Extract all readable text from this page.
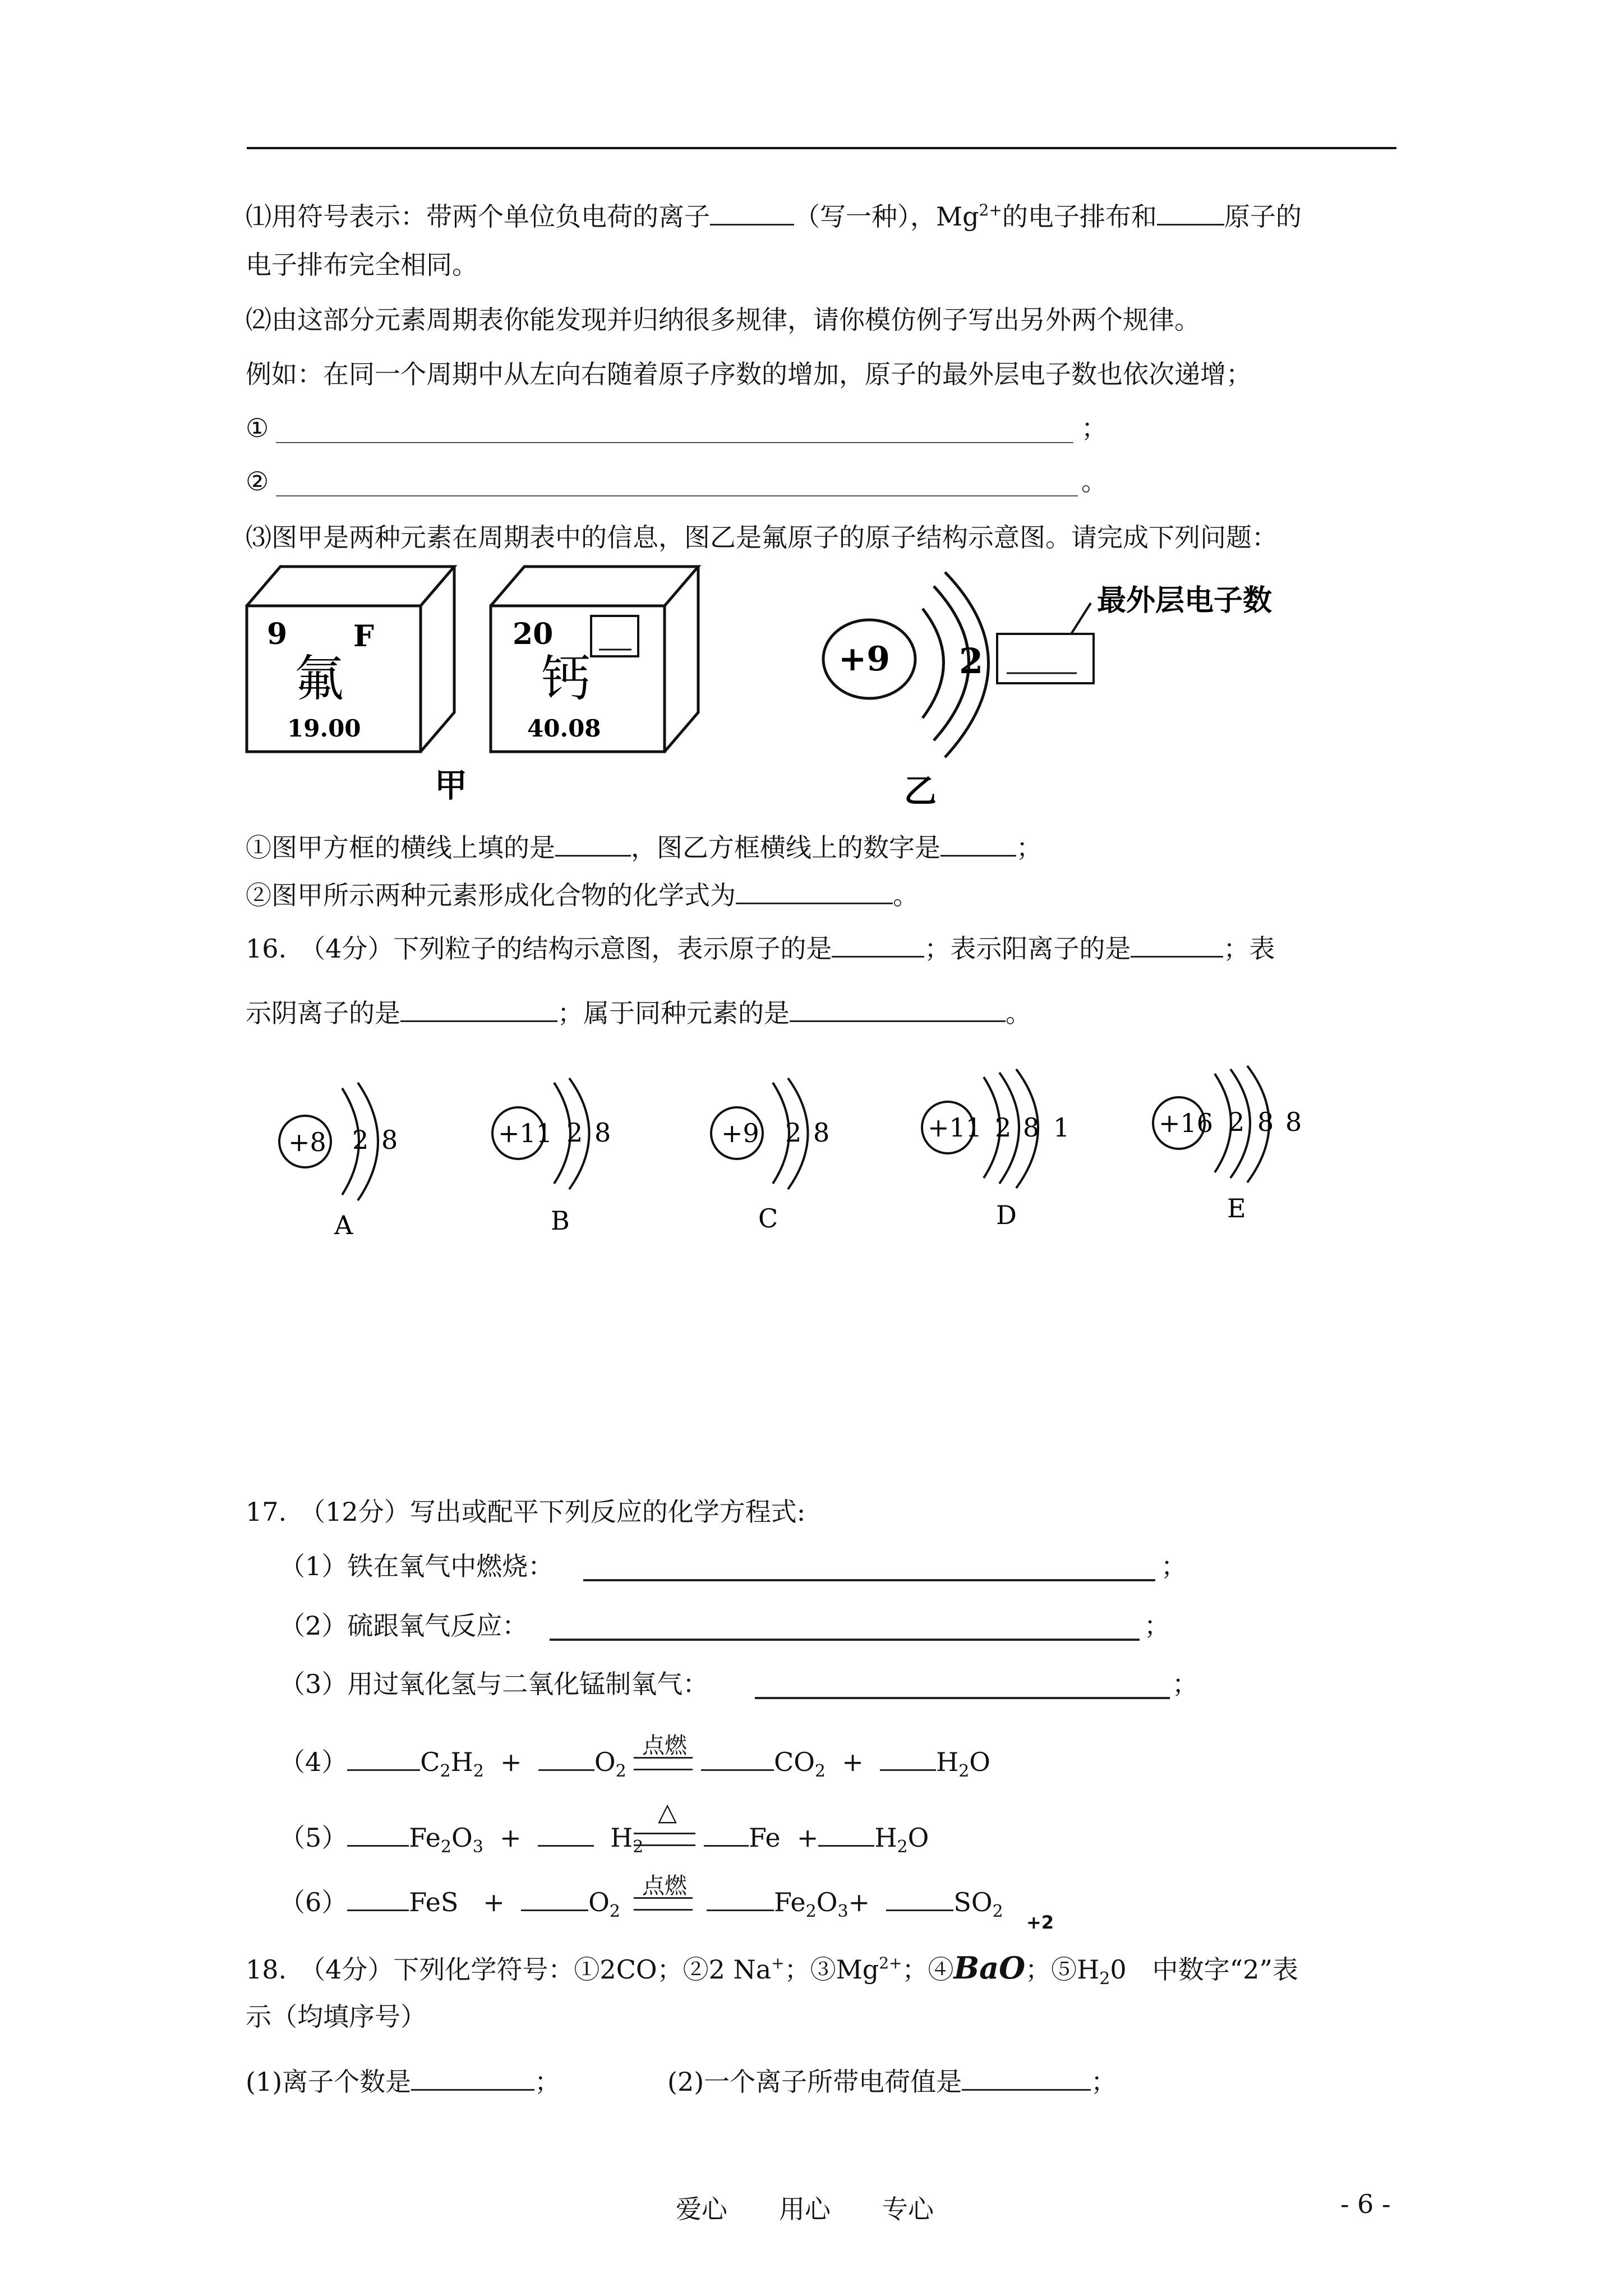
⑴用符号表示：带两个单位负电荷的离子	（写一种），$Mg^{2+}$的电子排布和	原子的
电子排布完全相同。
⑵由这部分元素周期表你能发现并归纳很多规律，请你模仿例子写出另外两个规律。
例如：在同一个周期中从左向右随着原子序数的增加，原子的最外层电子数也依次递增；
①	；
②	。
⑶图甲是两种元素在周期表中的信息，图乙是氟原子的原子结构示意图。请完成下列问题：
9 F
氟
19.00
20
钙
40.08
甲
+9 2
最外层电子数
乙
①图甲方框的横线上填的是	，图乙方框横线上的数字是	；
②图甲所示两种元素形成化合物的化学式为	。
16.　（4分）下列粒子的结构示意图，表示原子的是	；表示阳离子的是	；表
示阴离子的是	；属于同种元素的是	。
+8 2 8
A
+11 2 8
B
+9 2 8
C
+11 2 8 1
D
+16 2 8 8
E
17.　（12分）写出或配平下列反应的化学方程式:
（1）铁在氧气中燃烧：	；
（2）硫跟氧气反应：	；
（3）用过氧化氢与二氧化锰制氧气：	；
（4）	$C_2H_2$ +	$O_2$
点燃
$CO_2$ +	$H_2O$
（5） $Fe_2O_3$ +	$H_2$
△
$Fe + H_2O$
（6） FeS   +	$O_2$
点燃
$Fe_2O_3+$	$SO_2$
+2
18.　（4分）下列化学符号：①2CO；②2 Na+；$③Mg^{2+}$；④BaO；$⑤H_20$　中数字“2”表
示（均填序号）
(1)离子个数是	；	(2)一个离子所带电荷值是	；
爱心　　用心　　专心	- 6 -
